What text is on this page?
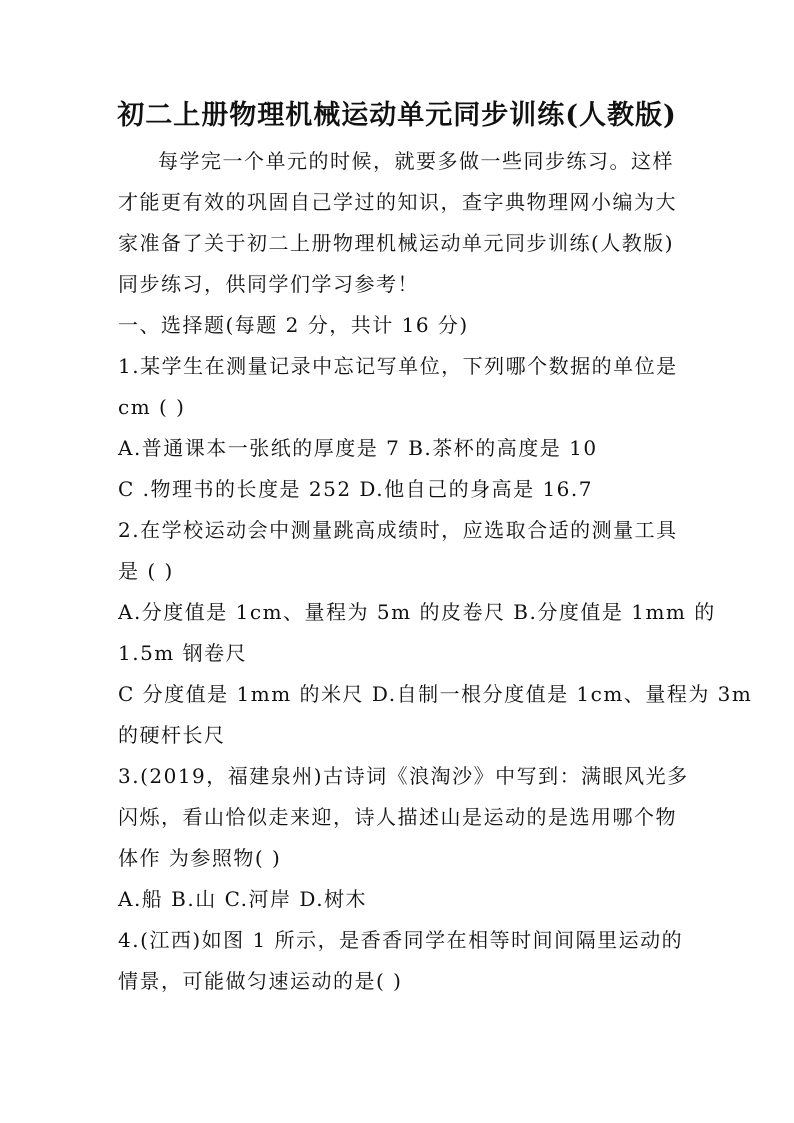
初二上册物理机械运动单元同步训练(人教版)
每学完一个单元的时候，就要多做一些同步练习。这样
才能更有效的巩固自己学过的知识，查字典物理网小编为大
家准备了关于初二上册物理机械运动单元同步训练(人教版)
同步练习，供同学们学习参考！
一、选择题(每题 2 分，共计 16 分)
1.某学生在测量记录中忘记写单位，下列哪个数据的单位是
cm ( )
A.普通课本一张纸的厚度是 7 B.茶杯的高度是 10
C .物理书的长度是 252 D.他自己的身高是 16.7
2.在学校运动会中测量跳高成绩时，应选取合适的测量工具
是 ( )
A.分度值是 1cm、量程为 5m 的皮卷尺 B.分度值是 1mm 的
1.5m 钢卷尺
C 分度值是 1mm 的米尺 D.自制一根分度值是 1cm、量程为 3m
的硬杆长尺
3.(2019，福建泉州)古诗词《浪淘沙》中写到：满眼风光多
闪烁，看山恰似走来迎，诗人描述山是运动的是选用哪个物
体作 为参照物( )
A.船 B.山 C.河岸 D.树木
4.(江西)如图 1 所示，是香香同学在相等时间间隔里运动的
情景，可能做匀速运动的是( )
